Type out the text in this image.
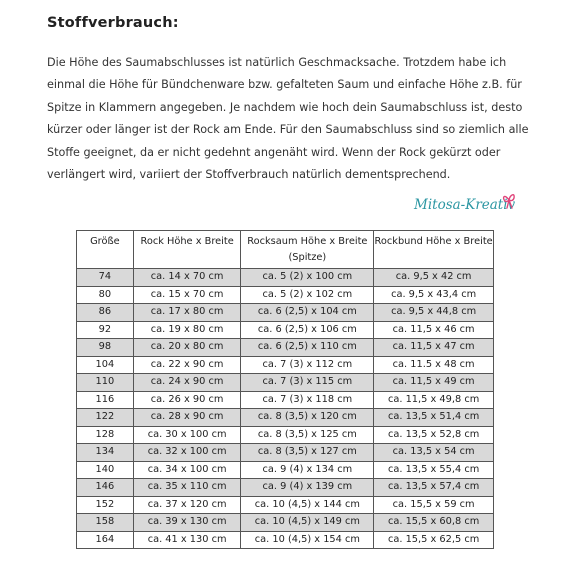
Stoffverbrauch:
Die Höhe des Saumabschlusses ist natürlich Geschmacksache. Trotzdem habe ich
einmal die Höhe für Bündchenware bzw. gefalteten Saum und einfache Höhe z.B. für
Spitze in Klammern angegeben. Je nachdem wie hoch dein Saumabschluss ist, desto
kürzer oder länger ist der Rock am Ende. Für den Saumabschluss sind so ziemlich alle
Stoffe geeignet, da er nicht gedehnt angenäht wird. Wenn der Rock gekürzt oder
verlängert wird, variiert der Stoffverbrauch natürlich dementsprechend.
Mitosa-Kreativ
Größe	Rock Höhe x Breite	Rocksaum Höhe x Breite (Spitze)	Rockbund Höhe x Breite
74	ca. 14 x 70 cm	ca. 5 (2) x 100 cm	ca. 9,5 x 42 cm
80	ca. 15 x 70 cm	ca. 5 (2) x 102 cm	ca. 9,5 x 43,4 cm
86	ca. 17 x 80 cm	ca. 6 (2,5) x 104 cm	ca. 9,5 x 44,8 cm
92	ca. 19 x 80 cm	ca. 6 (2,5) x 106 cm	ca. 11,5 x 46 cm
98	ca. 20 x 80 cm	ca. 6 (2,5) x 110 cm	ca. 11,5 x 47 cm
104	ca. 22 x 90 cm	ca. 7 (3) x 112 cm	ca. 11.5 x 48 cm
110	ca. 24 x 90 cm	ca. 7 (3) x 115 cm	ca. 11,5 x 49 cm
116	ca. 26 x 90 cm	ca. 7 (3) x 118 cm	ca. 11,5 x 49,8 cm
122	ca. 28 x 90 cm	ca. 8 (3,5) x 120 cm	ca. 13,5 x 51,4 cm
128	ca. 30 x 100 cm	ca. 8 (3,5) x 125 cm	ca. 13,5 x 52,8 cm
134	ca. 32 x 100 cm	ca. 8 (3,5) x 127 cm	ca. 13,5 x 54 cm
140	ca. 34 x 100 cm	ca. 9 (4) x 134 cm	ca. 13,5 x 55,4 cm
146	ca. 35 x 110 cm	ca. 9 (4) x 139 cm	ca. 13,5 x 57,4 cm
152	ca. 37 x 120 cm	ca. 10 (4,5) x 144 cm	ca. 15,5 x 59 cm
158	ca. 39 x 130 cm	ca. 10 (4,5) x 149 cm	ca. 15,5 x 60,8 cm
164	ca. 41 x 130 cm	ca. 10 (4,5) x 154 cm	ca. 15,5 x 62,5 cm
